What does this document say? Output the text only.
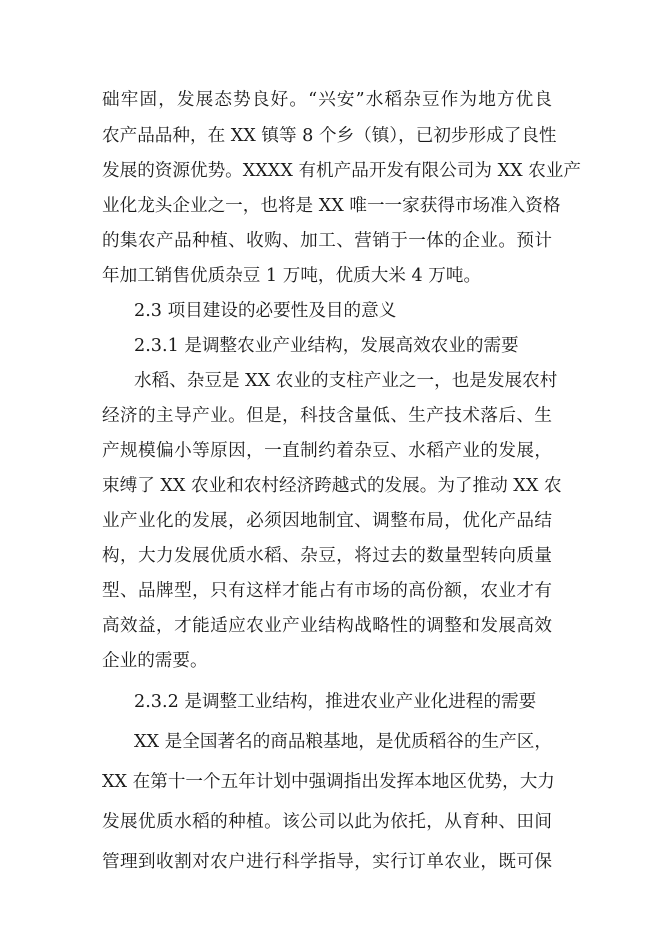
础牢固，发展态势良好。“兴安”水稻杂豆作为地方优良
农产品品种，在 XX 镇等 8 个乡（镇），已初步形成了良性
发展的资源优势。XXXX 有机产品开发有限公司为 XX 农业产
业化龙头企业之一，也将是 XX 唯一一家获得市场准入资格
的集农产品种植、收购、加工、营销于一体的企业。预计
年加工销售优质杂豆 1 万吨，优质大米 4 万吨。
2.3 项目建设的必要性及目的意义
2.3.1 是调整农业产业结构，发展高效农业的需要
水稻、杂豆是 XX 农业的支柱产业之一，也是发展农村
经济的主导产业。但是，科技含量低、生产技术落后、生
产规模偏小等原因，一直制约着杂豆、水稻产业的发展，
束缚了 XX 农业和农村经济跨越式的发展。为了推动 XX 农
业产业化的发展，必须因地制宜、调整布局，优化产品结
构，大力发展优质水稻、杂豆，将过去的数量型转向质量
型、品牌型，只有这样才能占有市场的高份额，农业才有
高效益，才能适应农业产业结构战略性的调整和发展高效
企业的需要。
2.3.2 是调整工业结构，推进农业产业化进程的需要
XX 是全国著名的商品粮基地，是优质稻谷的生产区，
XX 在第十一个五年计划中强调指出发挥本地区优势，大力
发展优质水稻的种植。该公司以此为依托，从育种、田间
管理到收割对农户进行科学指导，实行订单农业，既可保
